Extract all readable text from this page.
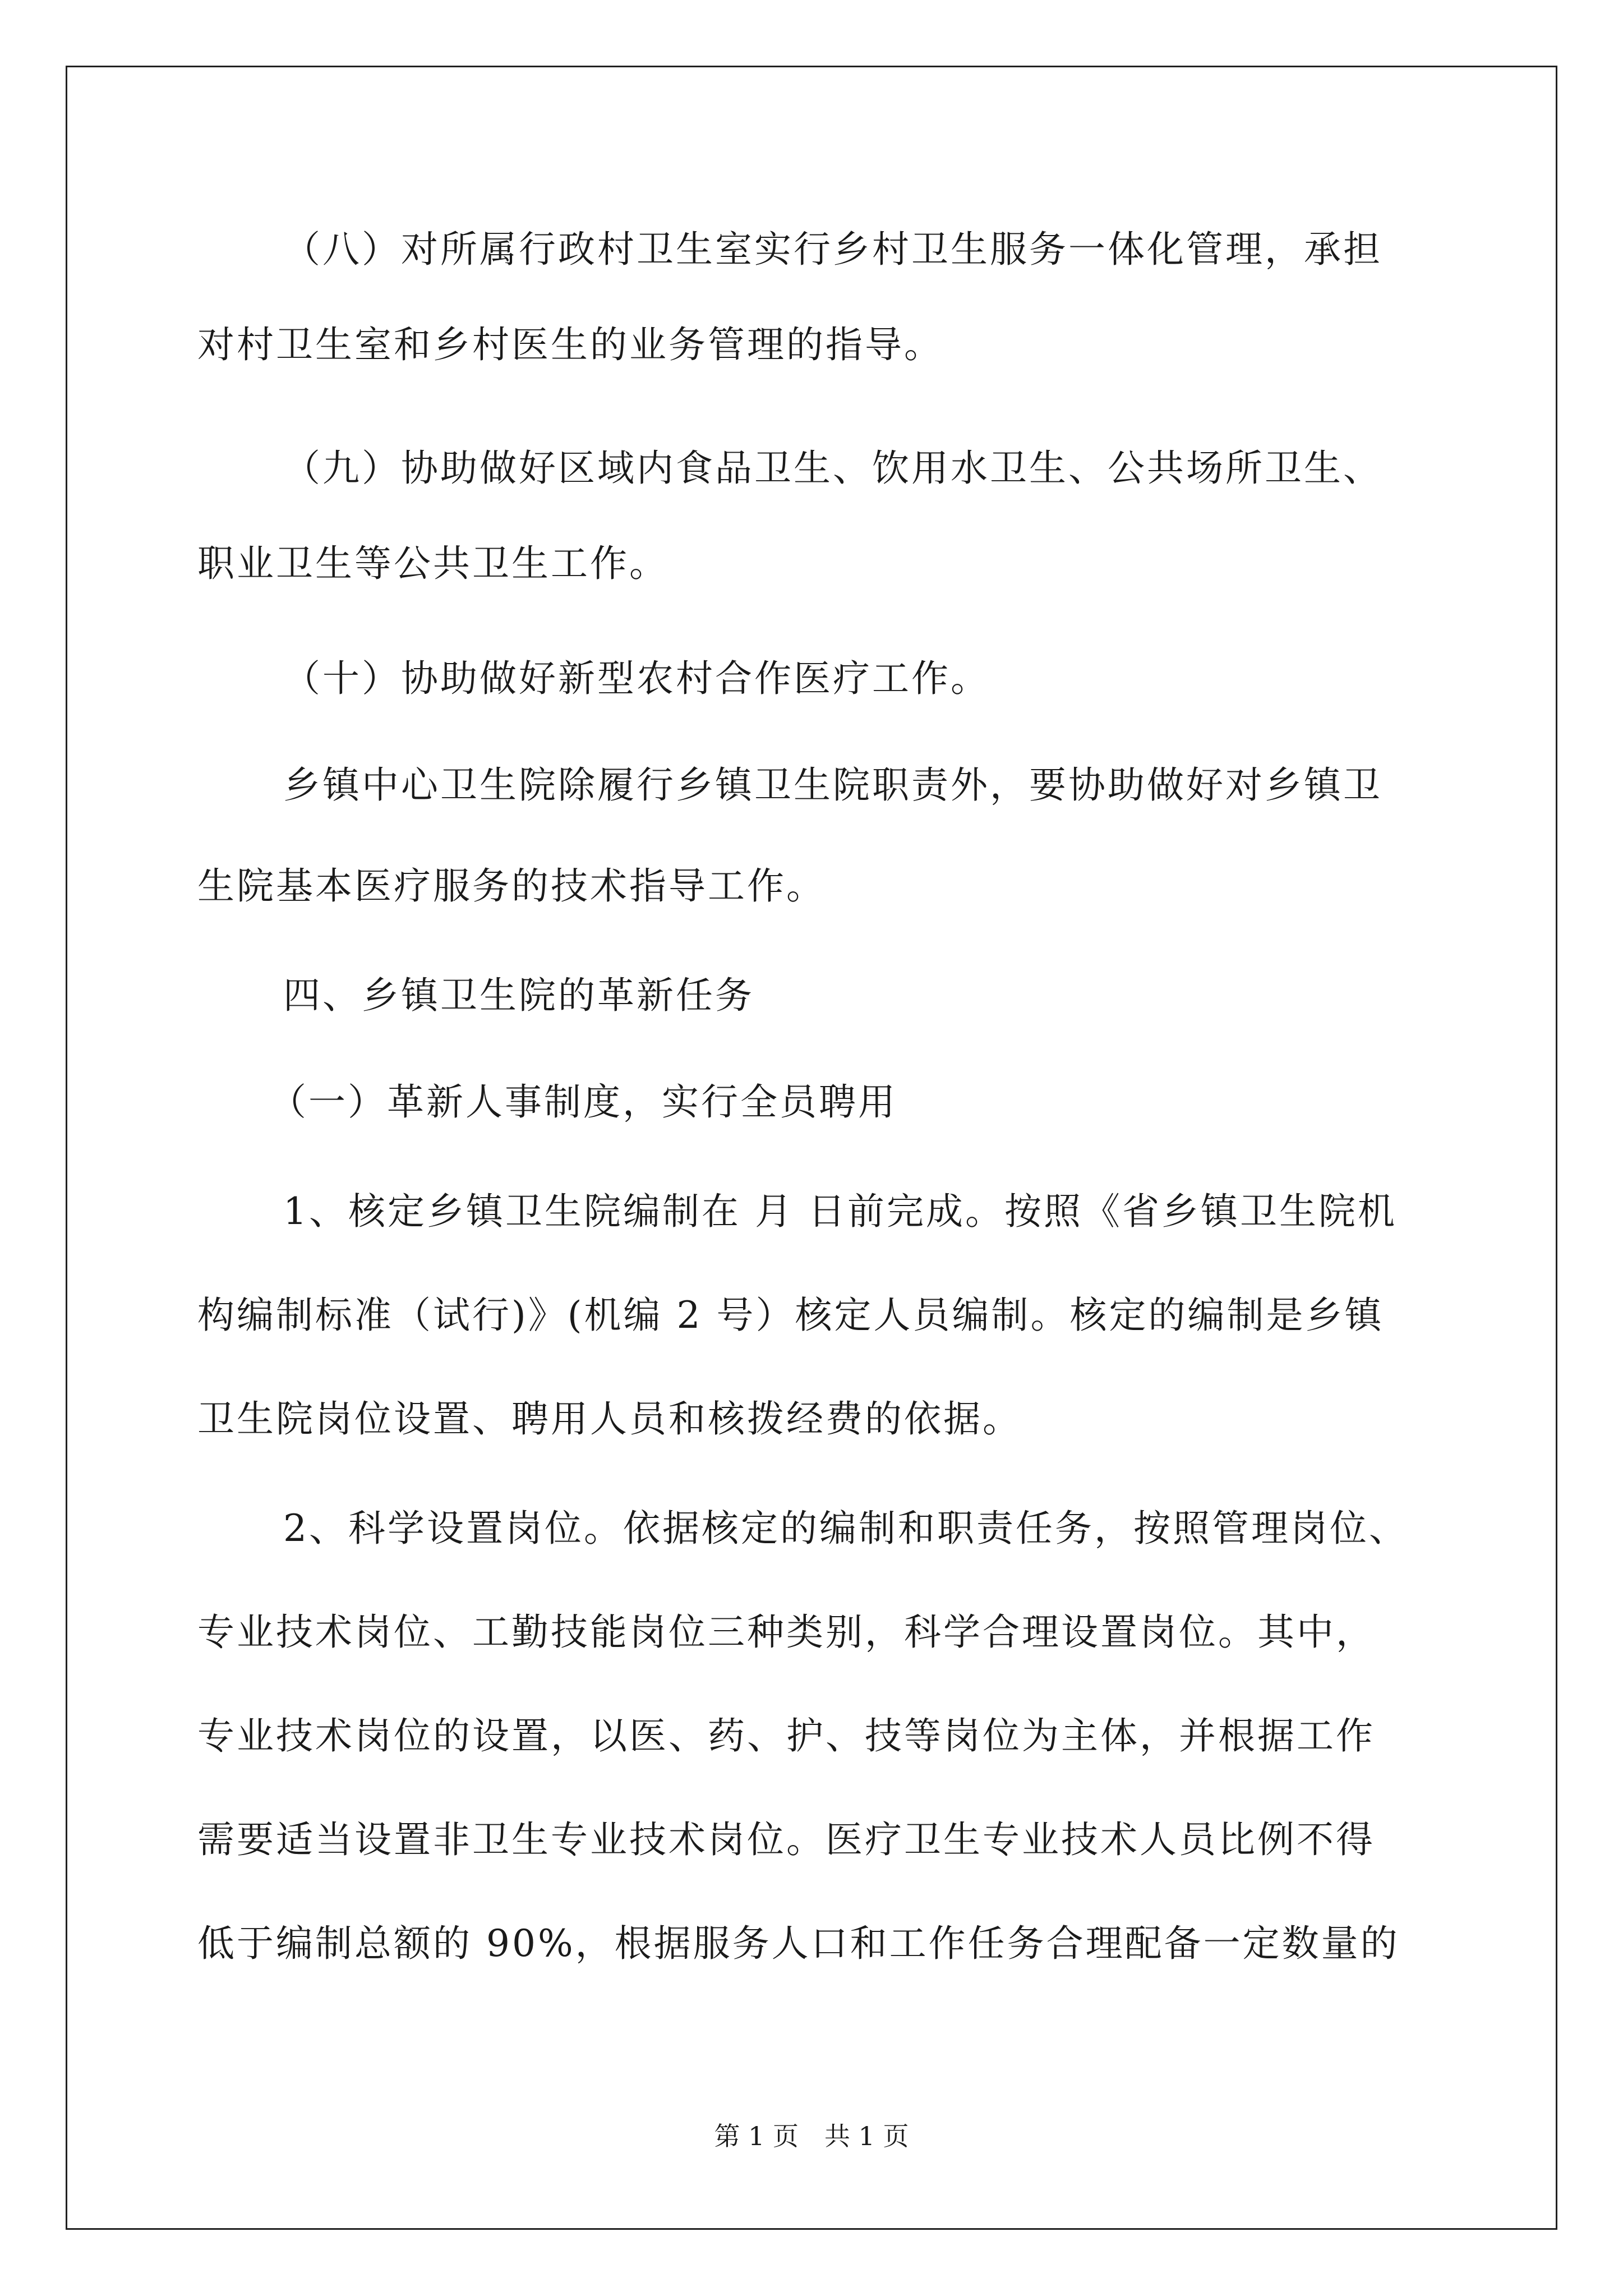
（八）对所属行政村卫生室实行乡村卫生服务一体化管理，承担
对村卫生室和乡村医生的业务管理的指导。
（九）协助做好区域内食品卫生、饮用水卫生、公共场所卫生、
职业卫生等公共卫生工作。
（十）协助做好新型农村合作医疗工作。
乡镇中心卫生院除履行乡镇卫生院职责外，要协助做好对乡镇卫
生院基本医疗服务的技术指导工作。
四、乡镇卫生院的革新任务
（一）革新人事制度，实行全员聘用
1、核定乡镇卫生院编制在 月 日前完成。按照《省乡镇卫生院机
构编制标准（试行)》(机编 2 号）核定人员编制。核定的编制是乡镇
卫生院岗位设置、聘用人员和核拨经费的依据。
2、科学设置岗位。依据核定的编制和职责任务，按照管理岗位、
专业技术岗位、工勤技能岗位三种类别，科学合理设置岗位。其中，
专业技术岗位的设置，以医、药、护、技等岗位为主体，并根据工作
需要适当设置非卫生专业技术岗位。医疗卫生专业技术人员比例不得
低于编制总额的 90%，根据服务人口和工作任务合理配备一定数量的
第 1 页　共 1 页
